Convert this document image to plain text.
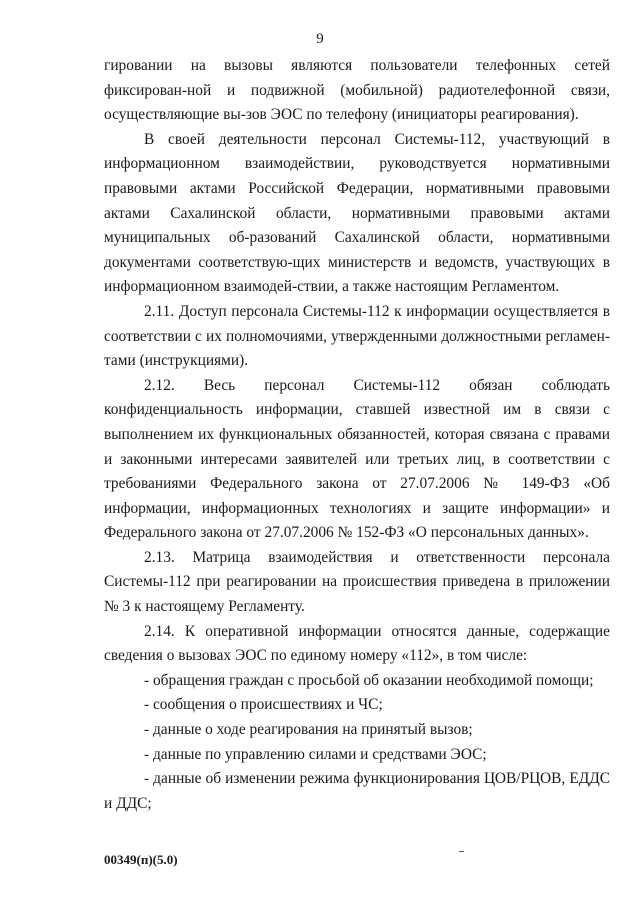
9

гировании на вызовы являются пользователи телефонных сетей фиксирован-ной и подвижной (мобильной) радиотелефонной связи, осуществляющие вы-зов ЭОС по телефону (инициаторы реагирования).

В своей деятельности персонал Системы-112, участвующий в информационном взаимодействии, руководствуется нормативными правовыми актами Российской Федерации, нормативными правовыми актами Сахалинской области, нормативными правовыми актами муниципальных об-разований Сахалинской области, нормативными документами соответствую-щих министерств и ведомств, участвующих в информационном взаимодей-ствии, а также настоящим Регламентом.

2.11. Доступ персонала Системы-112 к информации осуществляется в соответствии с их полномочиями, утвержденными должностными регламен-тами (инструкциями).

2.12. Весь персонал Системы-112 обязан соблюдать конфиденциальность информации, ставшей известной им в связи с выполнением их функциональных обязанностей, которая связана с правами и законными интересами заявителей или третьих лиц, в соответствии с требованиями Федерального закона от 27.07.2006 № 149-ФЗ «Об информации, информационных технологиях и защите информации» и Федерального закона от 27.07.2006 № 152-ФЗ «О персональных данных».

2.13. Матрица взаимодействия и ответственности персонала Системы-112 при реагировании на происшествия приведена в приложении № 3 к настоящему Регламенту.

2.14. К оперативной информации относятся данные, содержащие сведения о вызовах ЭОС по единому номеру «112», в том числе:

- обращения граждан с просьбой об оказании необходимой помощи;

- сообщения о происшествиях и ЧС;

- данные о ходе реагирования на принятый вызов;

- данные по управлению силами и средствами ЭОС;

- данные об изменении режима функционирования ЦОВ/РЦОВ, ЕДДС и ДДС;

00349(п)(5.0)
